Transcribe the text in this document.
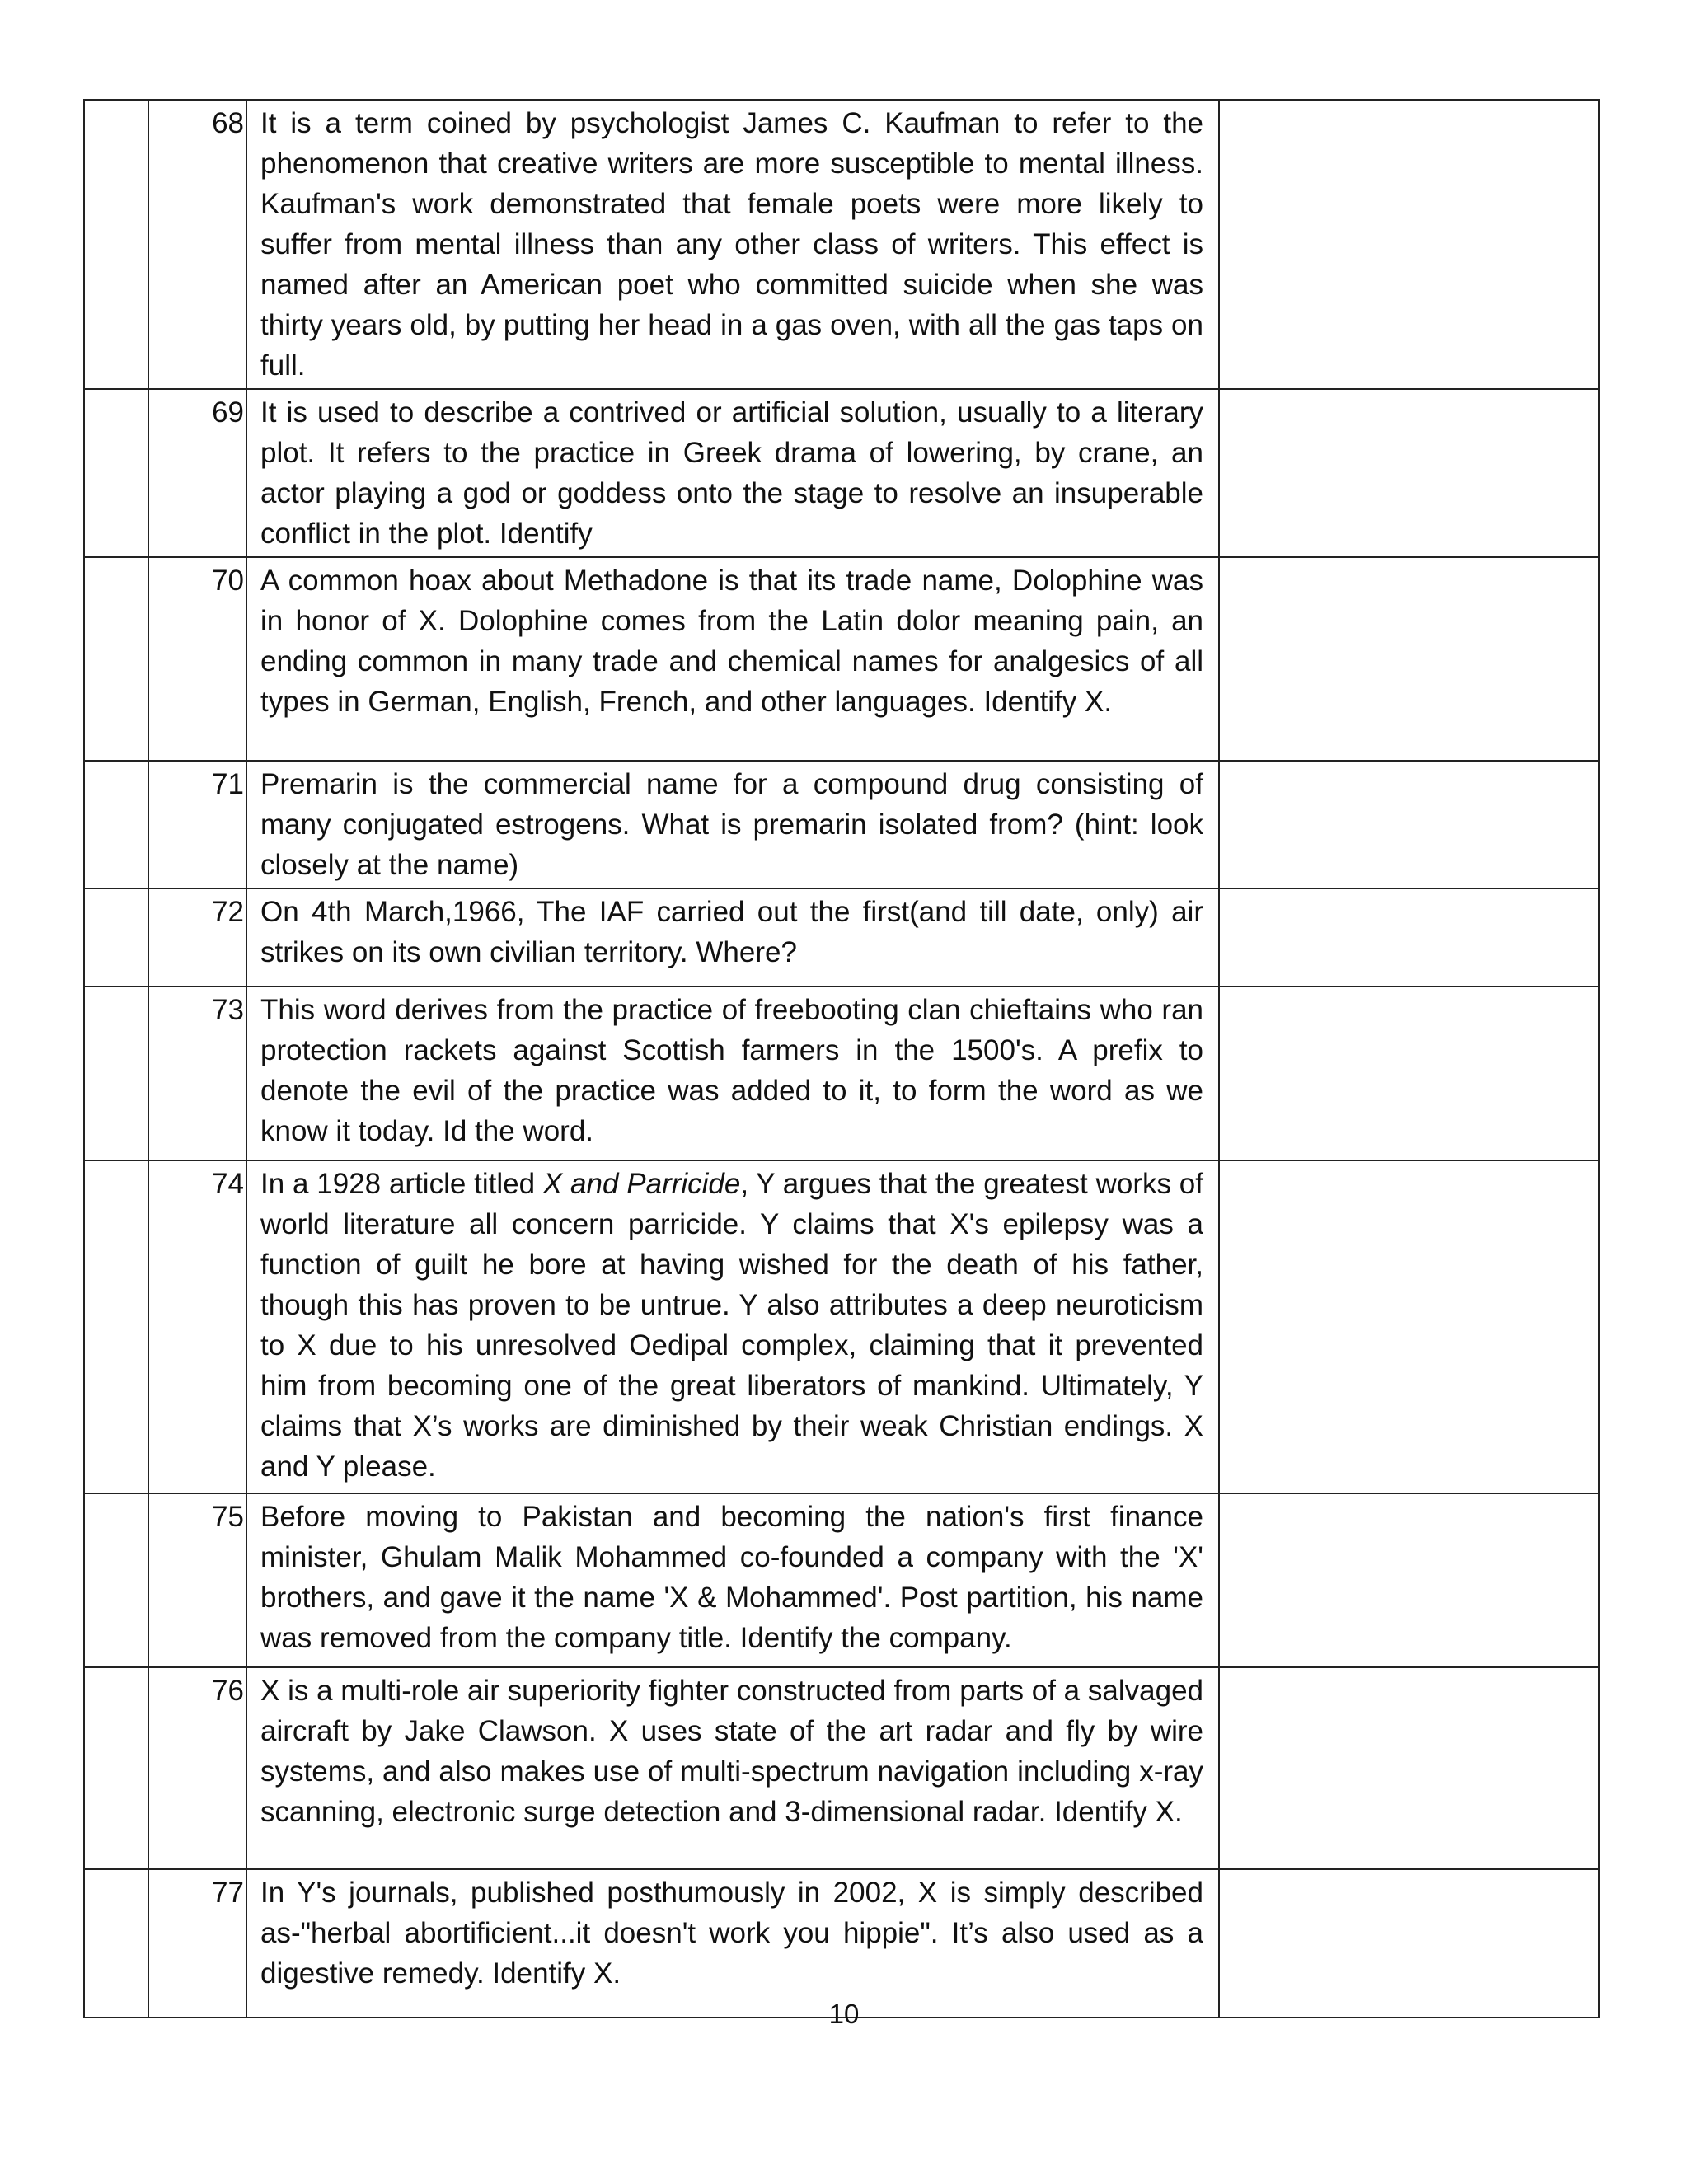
	68	It is a term coined by psychologist James C. Kaufman to refer to the phenomenon that creative writers are more susceptible to mental illness. Kaufman's work demonstrated that female poets were more likely to suffer from mental illness than any other class of writers. This effect is named after an American poet who committed suicide when she was thirty years old, by putting her head in a gas oven, with all the gas taps on full.	

	69	It is used to describe a contrived or artificial solution, usually to a literary plot. It refers to the practice in Greek drama of lowering, by crane, an actor playing a god or goddess onto the stage to resolve an insuperable conflict in the plot. Identify	

	70	A common hoax about Methadone is that its trade name, Dolophine was in honor of X. Dolophine comes from the Latin dolor meaning pain, an ending common in many trade and chemical names for analgesics of all types in German, English, French, and other languages. Identify X.	

	71	Premarin is the commercial name for a compound drug consisting of many conjugated estrogens. What is premarin isolated from? (hint: look closely at the name)	

	72	On 4th March,1966, The IAF carried out the first(and till date, only) air strikes on its own civilian territory. Where?	

	73	This word derives from the practice of freebooting clan chieftains who ran protection rackets against Scottish farmers in the 1500's. A prefix to denote the evil of the practice was added to it, to form the word as we know it today. Id the word.	

	74	In a 1928 article titled X and Parricide, Y argues that the greatest works of world literature all concern parricide. Y claims that X's epilepsy was a function of guilt he bore at having wished for the death of his father, though this has proven to be untrue. Y also attributes a deep neuroticism to X due to his unresolved Oedipal complex, claiming that it prevented him from becoming one of the great liberators of mankind. Ultimately, Y claims that X’s works are diminished by their weak Christian endings. X and Y please.	

	75	Before moving to Pakistan and becoming the nation's first finance minister, Ghulam Malik Mohammed co-founded a company with the 'X' brothers, and gave it the name 'X & Mohammed'. Post partition, his name was removed from the company title. Identify the company.	

	76	X is a multi-role air superiority fighter constructed from parts of a salvaged aircraft by Jake Clawson. X uses state of the art radar and fly by wire systems, and also makes use of multi-spectrum navigation including x-ray scanning, electronic surge detection and 3-dimensional radar. Identify X.	

	77	In Y's journals, published posthumously in 2002, X is simply described as-"herbal abortificient...it doesn't work you hippie". It’s also used as a digestive remedy. Identify X.	

10
